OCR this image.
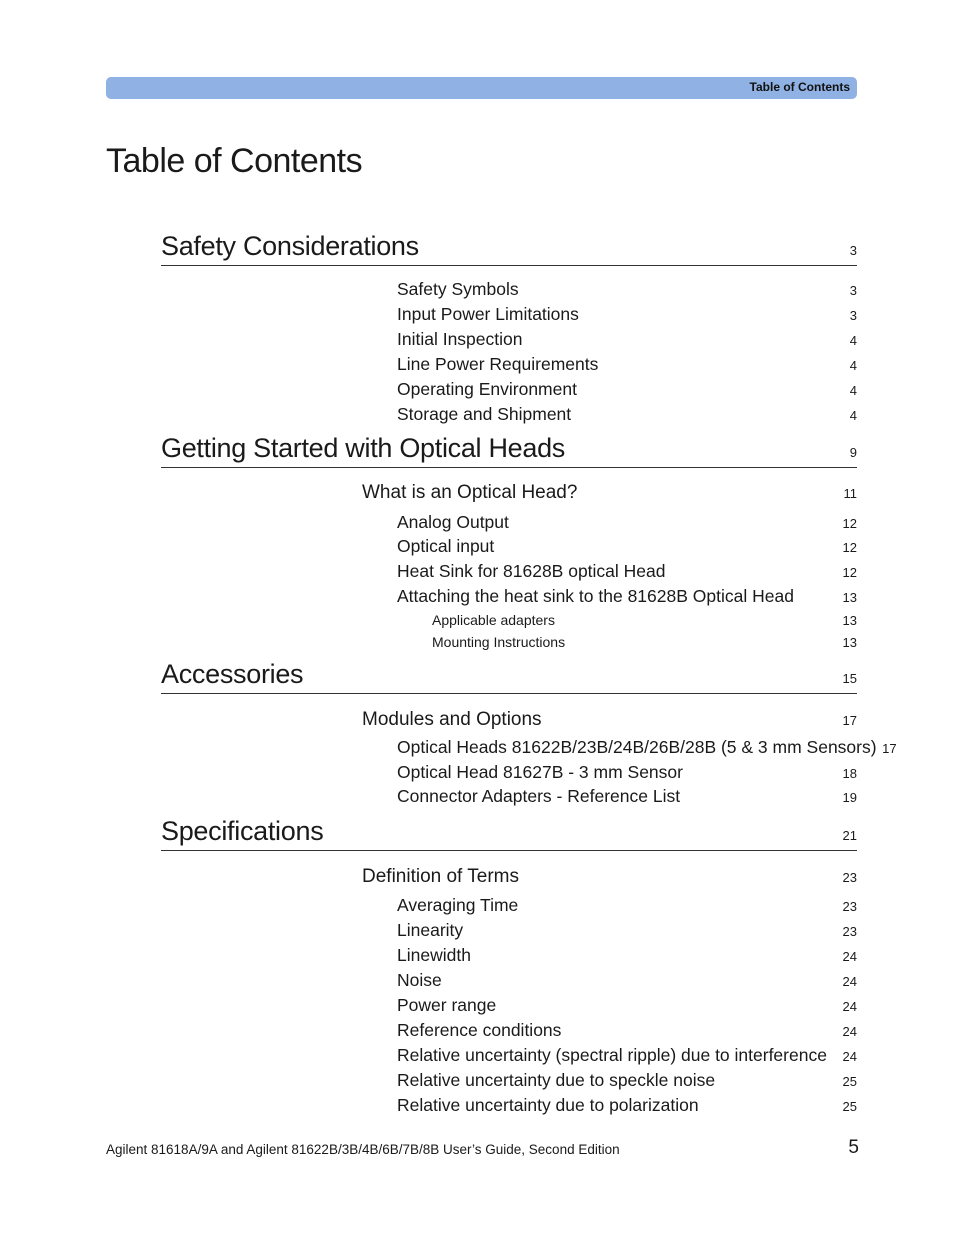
Table of Contents
Table of Contents
Safety Considerations	3
Safety Symbols	3
Input Power Limitations	3
Initial Inspection	4
Line Power Requirements	4
Operating Environment	4
Storage and Shipment	4
Getting Started with Optical Heads	9
What is an Optical Head?	11
Analog Output	12
Optical input	12
Heat Sink for 81628B optical Head	12
Attaching the heat sink to the 81628B Optical Head	13
Applicable adapters	13
Mounting Instructions	13
Accessories	15
Modules and Options	17
Optical Heads 81622B/23B/24B/26B/28B (5 & 3 mm Sensors) 17
Optical Head 81627B - 3 mm Sensor	18
Connector Adapters - Reference List	19
Specifications	21
Definition of Terms	23
Averaging Time	23
Linearity	23
Linewidth	24
Noise	24
Power range	24
Reference conditions	24
Relative uncertainty (spectral ripple) due to interference	24
Relative uncertainty due to speckle noise	25
Relative uncertainty due to polarization	25
Agilent 81618A/9A and Agilent 81622B/3B/4B/6B/7B/8B User’s Guide, Second Edition	5
